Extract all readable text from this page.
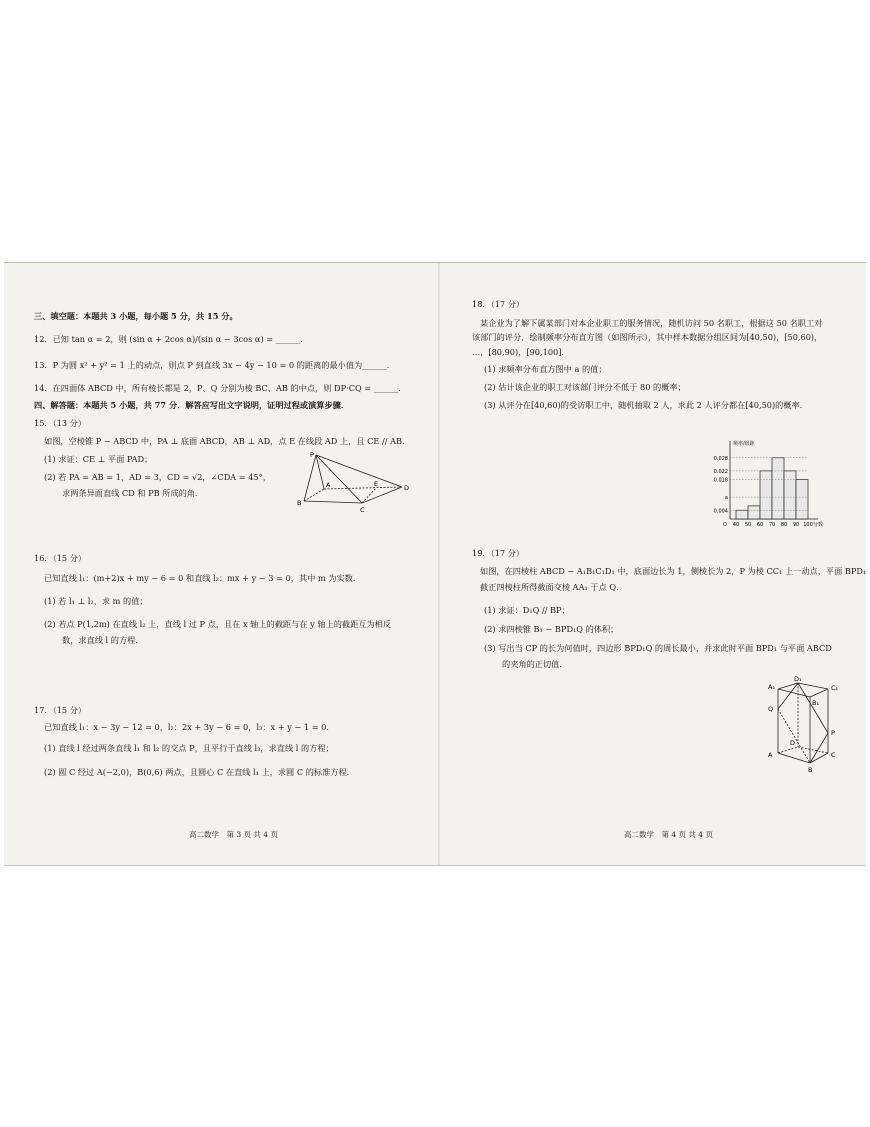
三、填空题：本题共 3 小题，每小题 5 分，共 15 分。
12．已知 tan α = 2，则 (sin α + 2cos α)/(sin α − 3cos α) = ______．
13．P 为圆 x² + y² = 1 上的动点，则点 P 到直线 3x − 4y − 10 = 0 的距离的最小值为______．
14．在四面体 ABCD 中，所有棱长都是 2，P、Q 分别为棱 BC、AB 的中点，则 DP·CQ = ______．
四、解答题：本题共 5 小题，共 77 分．解答应写出文字说明，证明过程或演算步骤．
15．（13 分）
如图，空棱锥 P − ABCD 中，PA ⊥ 底面 ABCD，AB ⊥ AD，点 E 在线段 AD 上，且 CE // AB．
(1) 求证：CE ⊥ 平面 PAD；
(2) 若 PA = AB = 1，AD = 3，CD = √2，∠CDA = 45°，
求两条异面直线 CD 和 PB 所成的角．
P
A
B
C
E	D
16．（15 分）
已知直线 l₁：(m+2)x + my − 6 = 0 和直线 l₂：mx + y − 3 = 0，其中 m 为实数．
(1) 若 l₁ ⊥ l₂，求 m 的值；
(2) 若点 P(1,2m) 在直线 l₂ 上，直线 l 过 P 点，且在 x 轴上的截距与在 y 轴上的截距互为相反
数，求直线 l 的方程．
17．（15 分）
已知直线 l₁：x − 3y − 12 = 0，l₂：2x + 3y − 6 = 0，l₃：x + y − 1 = 0．
(1) 直线 l 经过两条直线 l₁ 和 l₂ 的交点 P，且平行于直线 l₃，求直线 l 的方程；
(2) 圆 C 经过 A(−2,0)，B(0,6) 两点，且圆心 C 在直线 l₁ 上，求圆 C 的标准方程．
高二数学　第 3 页 共 4 页
18．（17 分）
某企业为了解下属某部门对本企业职工的服务情况，随机访问 50 名职工，根据这 50 名职工对
该部门的评分，绘制频率分布直方图（如图所示），其中样本数据分组区间为[40,50)，[50,60)，
…，[80,90)，[90,100]．
(1) 求频率分布直方图中 a 的值；
(2) 估计该企业的职工对该部门评分不低于 80 的概率；
(3) 从评分在[40,60)的受访职工中，随机抽取 2 人，求此 2 人评分都在[40,50)的概率．
0.028
0.022
0.018
a
0.004
40 50 60 70 80 90 100
O	分数
频率/组距
19．（17 分）
如图，在四棱柱 ABCD − A₁B₁C₁D₁ 中，底面边长为 1，侧棱长为 2，P 为棱 CC₁ 上一动点，平面 BPD₁
截正四棱柱所得截面交棱 AA₁ 于点 Q．
(1) 求证：D₁Q // BP；
(2) 求四棱锥 B₁ − BPD₁Q 的体积；
(3) 写出当 CP 的长为何值时，四边形 BPD₁Q 的周长最小，并求此时平面 BPD₁ 与平面 ABCD
的夹角的正切值．
A₁
D₁
C₁
B₁
Q
D
P
A	C
B
高二数学　第 4 页 共 4 页
